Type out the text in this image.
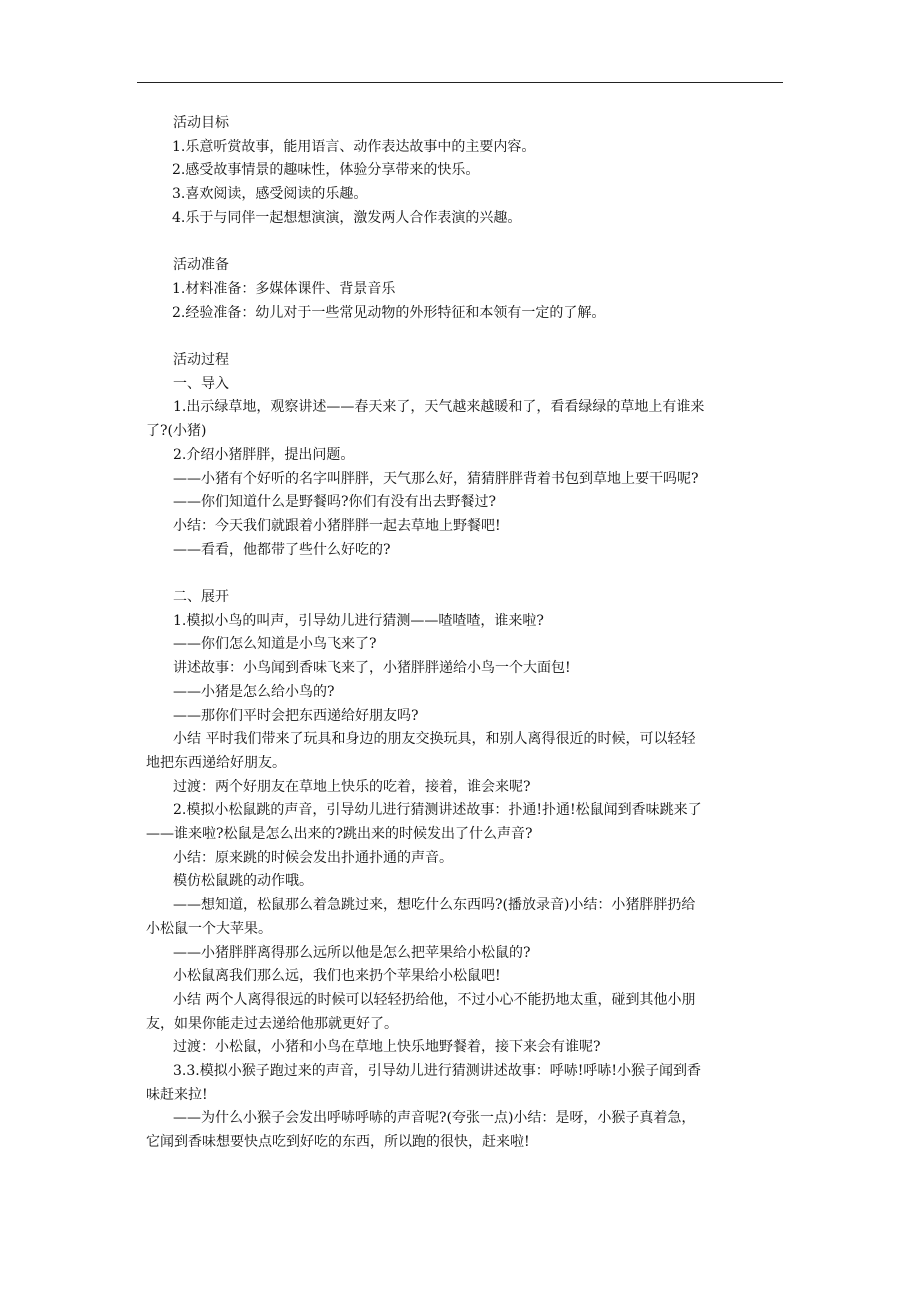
活动目标
1.乐意听赏故事，能用语言、动作表达故事中的主要内容。
2.感受故事情景的趣味性，体验分享带来的快乐。
3.喜欢阅读，感受阅读的乐趣。
4.乐于与同伴一起想想演演，激发两人合作表演的兴趣。
活动准备
1.材料准备：多媒体课件、背景音乐
2.经验准备：幼儿对于一些常见动物的外形特征和本领有一定的了解。
活动过程
一、导入
1.出示绿草地，观察讲述——春天来了，天气越来越暖和了，看看绿绿的草地上有谁来
了?(小猪)
2.介绍小猪胖胖，提出问题。
——小猪有个好听的名字叫胖胖，天气那么好，猜猜胖胖背着书包到草地上要干吗呢?
——你们知道什么是野餐吗?你们有没有出去野餐过?
小结：今天我们就跟着小猪胖胖一起去草地上野餐吧!
——看看，他都带了些什么好吃的?
二、展开
1.模拟小鸟的叫声，引导幼儿进行猜测——喳喳喳，谁来啦?
——你们怎么知道是小鸟飞来了?
讲述故事：小鸟闻到香味飞来了，小猪胖胖递给小鸟一个大面包!
——小猪是怎么给小鸟的?
——那你们平时会把东西递给好朋友吗?
小结 平时我们带来了玩具和身边的朋友交换玩具，和别人离得很近的时候，可以轻轻
地把东西递给好朋友。
过渡：两个好朋友在草地上快乐的吃着，接着，谁会来呢?
2.模拟小松鼠跳的声音，引导幼儿进行猜测讲述故事：扑通!扑通!松鼠闻到香味跳来了
——谁来啦?松鼠是怎么出来的?跳出来的时候发出了什么声音?
小结：原来跳的时候会发出扑通扑通的声音。
模仿松鼠跳的动作哦。
——想知道，松鼠那么着急跳过来，想吃什么东西吗?(播放录音)小结：小猪胖胖扔给
小松鼠一个大苹果。
——小猪胖胖离得那么远所以他是怎么把苹果给小松鼠的?
小松鼠离我们那么远，我们也来扔个苹果给小松鼠吧!
小结 两个人离得很远的时候可以轻轻扔给他，不过小心不能扔地太重，碰到其他小朋
友，如果你能走过去递给他那就更好了。
过渡：小松鼠，小猪和小鸟在草地上快乐地野餐着，接下来会有谁呢?
3.3.模拟小猴子跑过来的声音，引导幼儿进行猜测讲述故事：呼哧!呼哧!小猴子闻到香
味赶来拉!
——为什么小猴子会发出呼哧呼哧的声音呢?(夸张一点)小结：是呀，小猴子真着急，
它闻到香味想要快点吃到好吃的东西，所以跑的很快，赶来啦!
